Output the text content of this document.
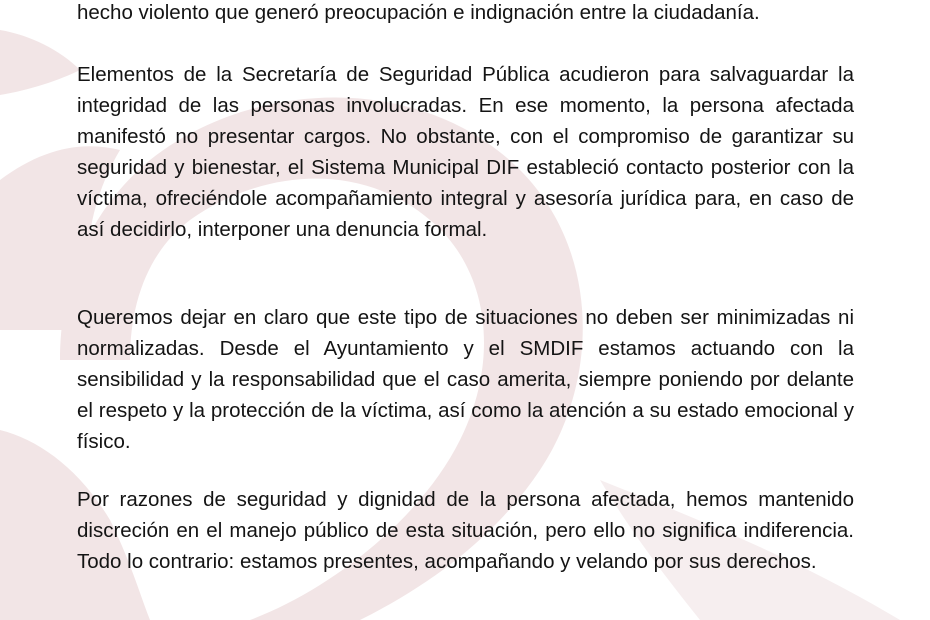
hecho violento que generó preocupación e indignación entre la ciudadanía.

Elementos de la Secretaría de Seguridad Pública acudieron para salvaguardar la integridad de las personas involucradas. En ese momento, la persona afectada manifestó no presentar cargos. No obstante, con el compromiso de garantizar su seguridad y bienestar, el Sistema Municipal DIF estableció contacto posterior con la víctima, ofreciéndole acompañamiento integral y asesoría jurídica para, en caso de así decidirlo, interponer una denuncia formal.

Queremos dejar en claro que este tipo de situaciones no deben ser minimizadas ni normalizadas. Desde el Ayuntamiento y el SMDIF estamos actuando con la sensibilidad y la responsabilidad que el caso amerita, siempre poniendo por delante el respeto y la protección de la víctima, así como la atención a su estado emocional y físico.

Por razones de seguridad y dignidad de la persona afectada, hemos mantenido discreción en el manejo público de esta situación, pero ello no significa indiferencia. Todo lo contrario: estamos presentes, acompañando y velando por sus derechos.
